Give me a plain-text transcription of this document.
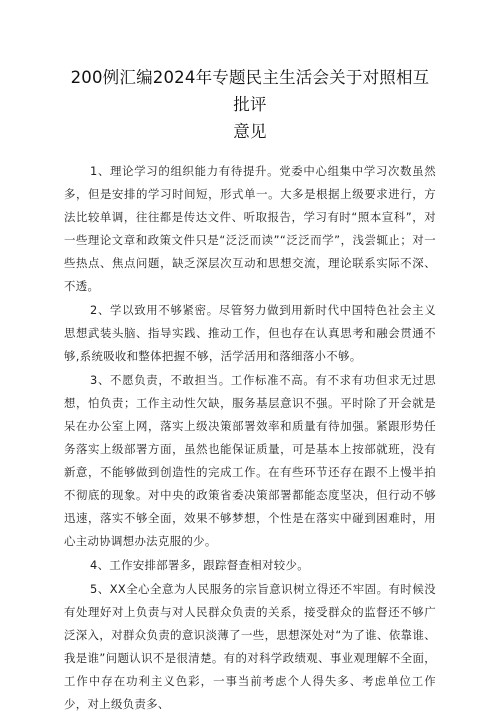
200例汇编2024年专题民主生活会关于对照相互批评
意见

1、理论学习的组织能力有待提升。党委中心组集中学习次数虽然多，但是安排的学习时间短，形式单一。大多是根据上级要求进行，方法比较单调，往往都是传达文件、听取报告，学习有时“照本宣科”，对一些理论文章和政策文件只是“泛泛而读”“泛泛而学”，浅尝辄止；对一些热点、焦点问题，缺乏深层次互动和思想交流，理论联系实际不深、不透。

2、学以致用不够紧密。尽管努力做到用新时代中国特色社会主义思想武装头脑、指导实践、推动工作，但也存在认真思考和融会贯通不够,系统吸收和整体把握不够，活学活用和落细落小不够。

3、不愿负责，不敢担当。工作标准不高。有不求有功但求无过思想，怕负责；工作主动性欠缺，服务基层意识不强。平时除了开会就是呆在办公室上网，落实上级决策部署效率和质量有待加强。紧跟形势任务落实上级部署方面，虽然也能保证质量，可是基本上按部就班，没有新意，不能够做到创造性的完成工作。在有些环节还存在跟不上慢半拍不彻底的现象。对中央的政策省委决策部署都能态度坚决，但行动不够迅速，落实不够全面，效果不够梦想，个性是在落实中碰到困难时，用心主动协调想办法克服的少。

4、工作安排部署多，跟踪督查相对较少。

5、XX全心全意为人民服务的宗旨意识树立得还不牢固。有时候没有处理好对上负责与对人民群众负责的关系，接受群众的监督还不够广泛深入，对群众负责的意识淡薄了一些，思想深处对“为了谁、依靠谁、我是谁”问题认识不是很清楚。有的对科学政绩观、事业观理解不全面，工作中存在功利主义色彩，一事当前考虑个人得失多、考虑单位工作少，对上级负责多、
